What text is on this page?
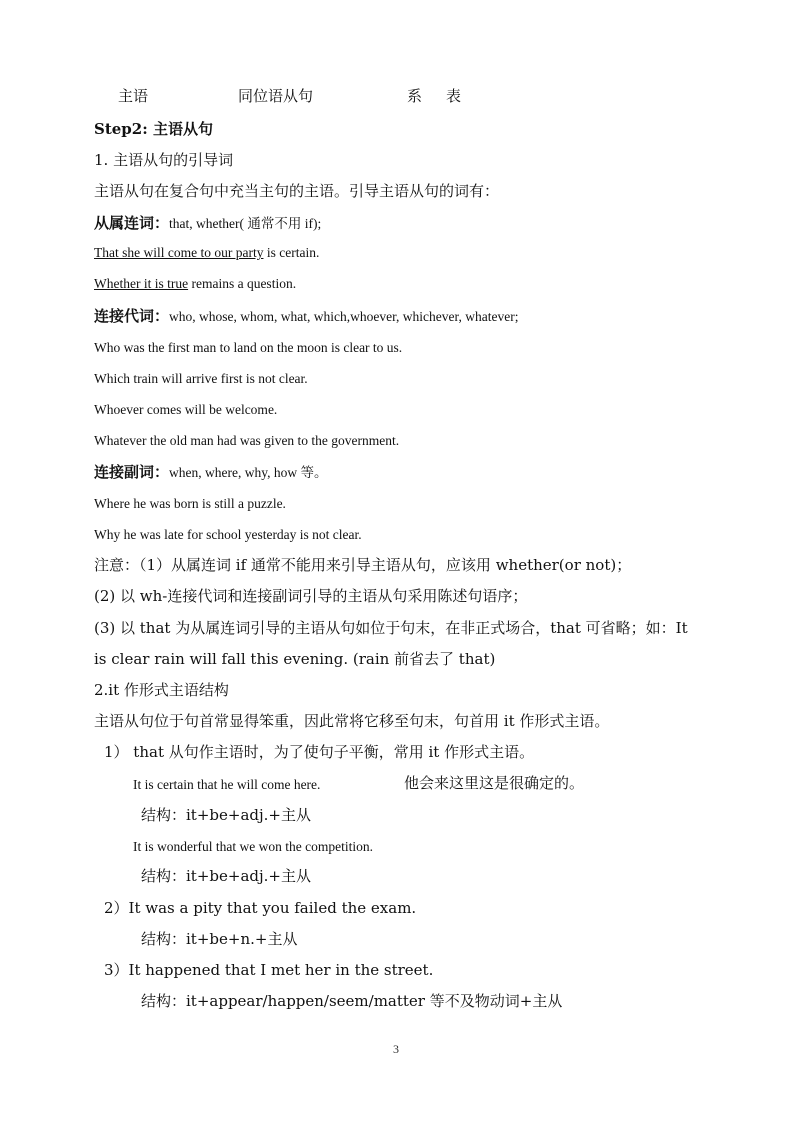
主语	同位语从句	系 表
Step2: 主语从句
1. 主语从句的引导词
主语从句在复合句中充当主句的主语。引导主语从句的词有：
从属连词：that, whether( 通常不用 if);
That she will come to our party is certain.
Whether it is true remains a question.
连接代词：who, whose, whom, what, which,whoever, whichever, whatever;
Who was the first man to land on the moon is clear to us.
Which train will arrive first is not clear.
Whoever comes will be welcome.
Whatever the old man had was given to the government.
连接副词：when, where, why, how 等。
Where he was born is still a puzzle.
Why he was late for school yesterday is not clear.
注意：（1）从属连词 if 通常不能用来引导主语从句，应该用 whether(or not)；
(2) 以 wh-连接代词和连接副词引导的主语从句采用陈述句语序；
(3) 以 that 为从属连词引导的主语从句如位于句末，在非正式场合，that 可省略；如：It
is clear rain will fall this evening. (rain 前省去了 that)
2.it 作形式主语结构
主语从句位于句首常显得笨重，因此常将它移至句末，句首用 it 作形式主语。
1） that 从句作主语时，为了使句子平衡，常用 it 作形式主语。
It is certain that he will come here.	他会来这里这是很确定的。
结构：it+be+adj.+主从
It is wonderful that we won the competition.
结构：it+be+adj.+主从
2）It was a pity that you failed the exam.
结构：it+be+n.+主从
3）It happened that I met her in the street.
结构：it+appear/happen/seem/matter 等不及物动词+主从
3
